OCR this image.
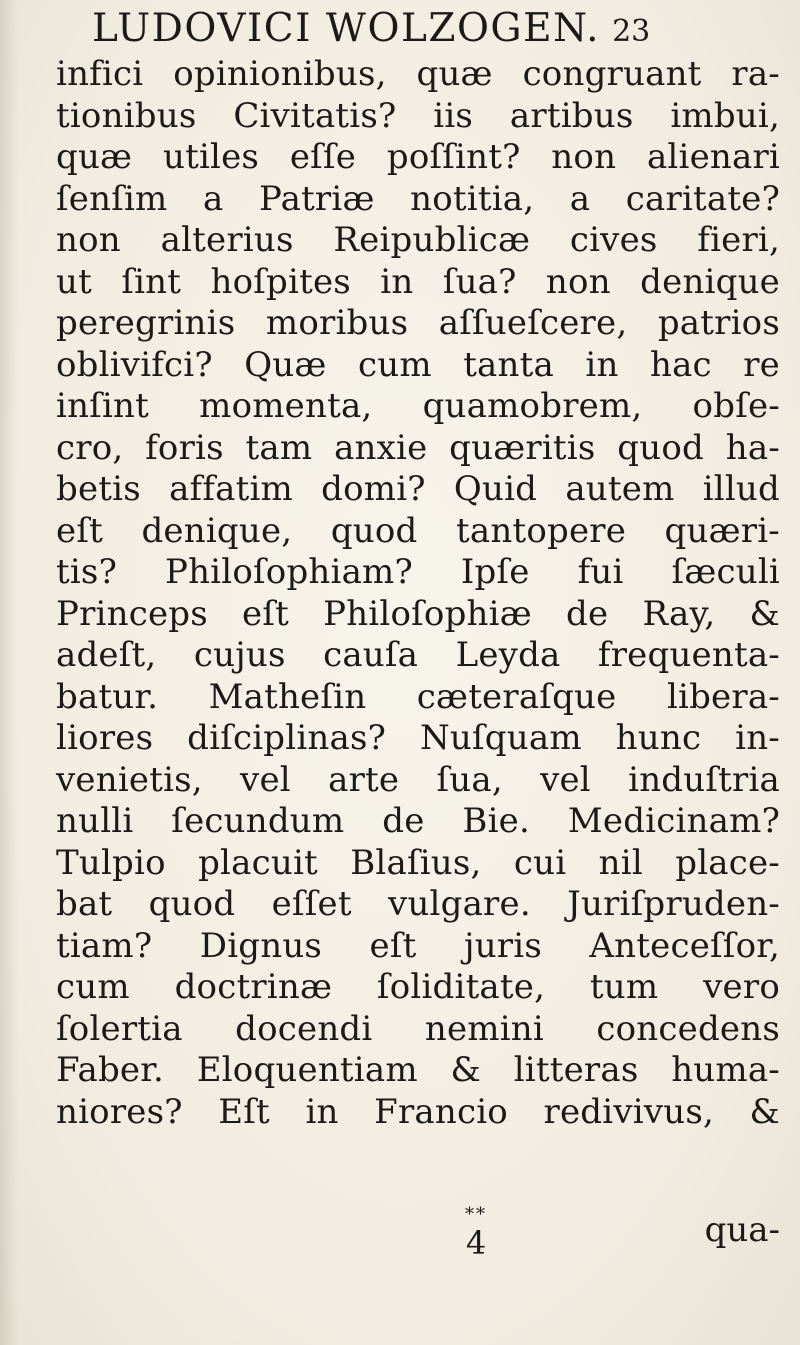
LUDOVICI WOLZOGEN. 23
infici opinionibus, quæ congruant ra-
tionibus Civitatis? iis artibus imbui,
quæ utiles eſſe poſſint? non alienari
ſenſim a Patriæ notitia, a caritate?
non alterius Reipublicæ cives fieri,
ut ſint hoſpites in ſua? non denique
peregrinis moribus aſſueſcere, patrios
oblivifci? Quæ cum tanta in hac re
inſint momenta, quamobrem, obſe-
cro, foris tam anxie quæritis quod ha-
betis affatim domi? Quid autem illud
eſt denique, quod tantopere quæri-
tis? Philoſophiam? Ipſe fui ſæculi
Princeps eſt Philoſophiæ de Ray, &
adeſt, cujus cauſa Leyda frequenta-
batur. Matheſin cæteraſque libera-
liores diſciplinas? Nuſquam hunc in-
venietis, vel arte ſua, vel induſtria
nulli ſecundum de Bie. Medicinam?
Tulpio placuit Blaſius, cui nil place-
bat quod eſſet vulgare. Juriſpruden-
tiam? Dignus eſt juris Anteceſſor,
cum doctrinæ ſoliditate, tum vero
ſolertia docendi nemini concedens
Faber. Eloquentiam & litteras huma-
niores? Eſt in Francio redivivus, &
**
4	qua-
